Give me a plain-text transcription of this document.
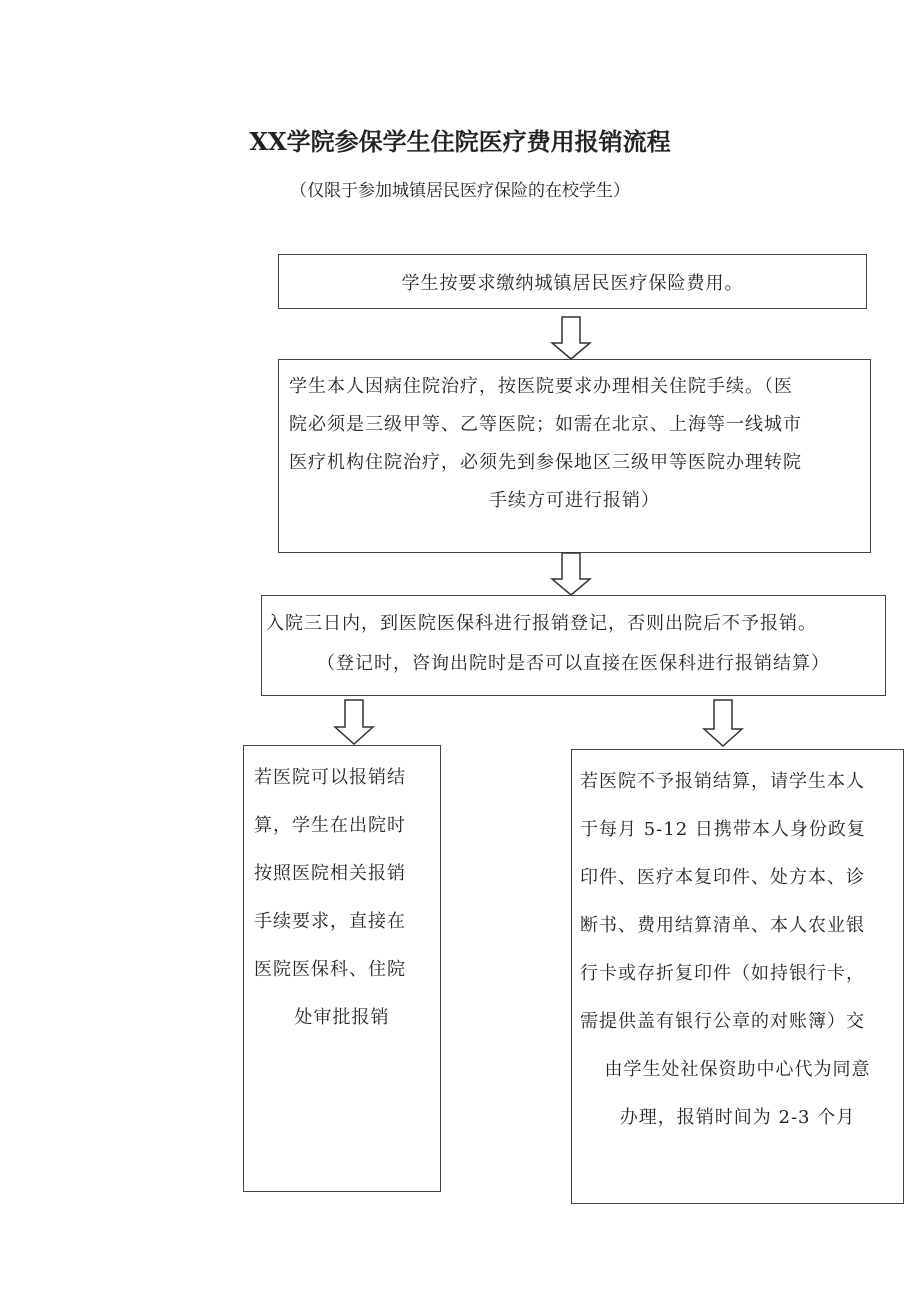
XX学院参保学生住院医疗费用报销流程
（仅限于参加城镇居民医疗保险的在校学生）

学生按要求缴纳城镇居民医疗保险费用。

学生本人因病住院治疗，按医院要求办理相关住院手续。（医

院必须是三级甲等、乙等医院；如需在北京、上海等一线城市

医疗机构住院治疗，必须先到参保地区三级甲等医院办理转院

手续方可进行报销）

入院三日内，到医院医保科进行报销登记，否则出院后不予报销。

（登记时，咨询出院时是否可以直接在医保科进行报销结算）

若医院可以报销结

算，学生在出院时

按照医院相关报销

手续要求，直接在

医院医保科、住院

处审批报销

若医院不予报销结算，请学生本人

于每月 5-12 日携带本人身份政复

印件、医疗本复印件、处方本、诊

断书、费用结算清单、本人农业银

行卡或存折复印件（如持银行卡，

需提供盖有银行公章的对账簿）交

由学生处社保资助中心代为同意

办理，报销时间为 2-3 个月
